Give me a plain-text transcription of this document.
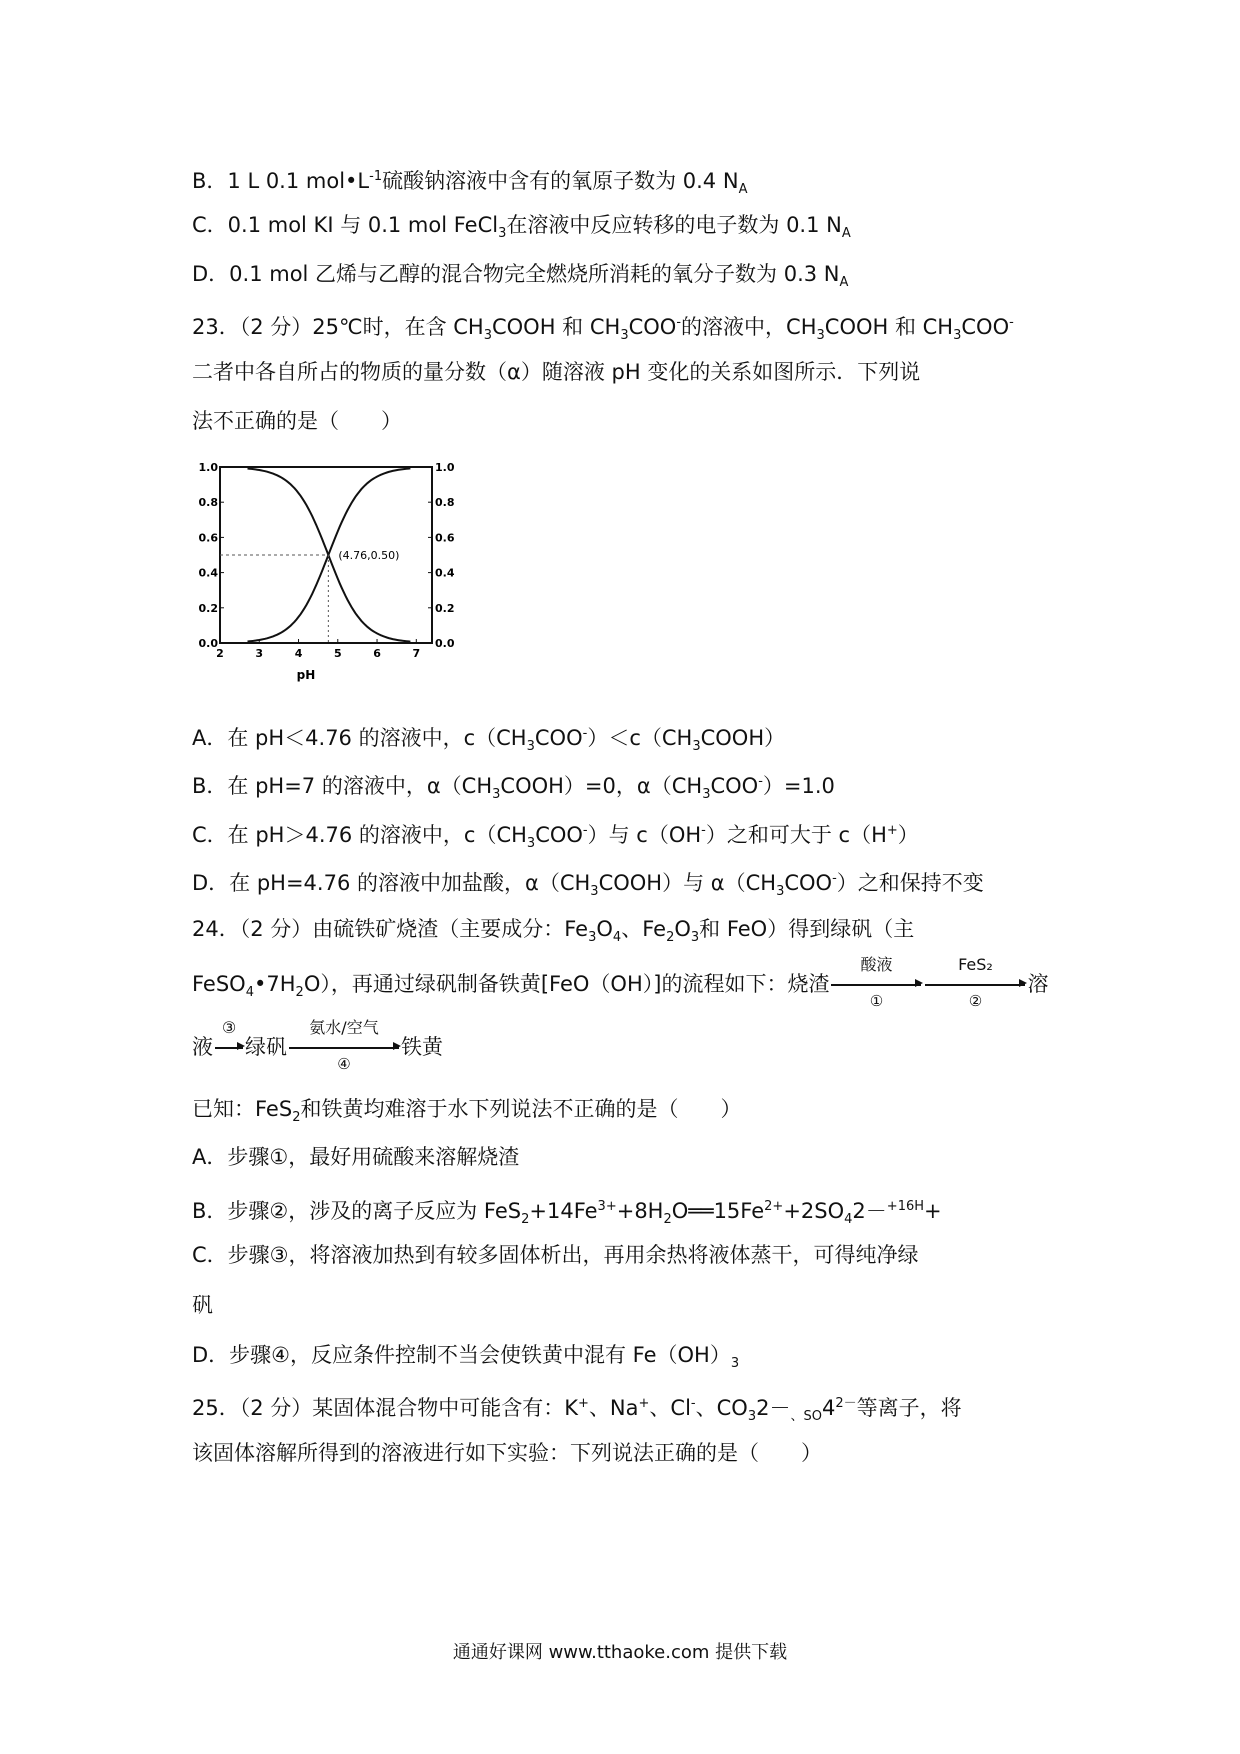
B．1 L 0.1 $mol•L^{-1}$硫酸钠溶液中含有的氧原子数为 0.4 $N_A$
C．0.1 mol KI 与 0.1 mol FeCl$_3$在溶液中反应转移的电子数为 0.1 $N_A$
D．0.1 mol 乙烯与乙醇的混合物完全燃烧所消耗的氧分子数为 0.3 $N_A$
23．（2 分）25℃时，在含 $CH_3COOH$ 和 $CH_3COO^-$的溶液中，$CH_3COOH$ 和 $CH_3COO^-$
二者中各自所占的物质的量分数（α）随溶液 pH 变化的关系如图所示．下列说
法不正确的是（　　）
2	3	4	5	6	7
0.0	0.0
0.2	0.2
0.4	0.4
0.6	0.6
0.8	0.8
1.0	1.0
(4.76,0.50)
pH
A．在 pH＜4.76 的溶液中，$c(CH_3COO^-)<c(CH_3COOH)$
B．在 pH=7 的溶液中，$\alpha(CH_3COOH)=0$，$\alpha(CH_3COO^-)=1.0$
C．在 pH＞4.76 的溶液中，$c(CH_3COO^-)$与 c（OH-）之和可大于 c（H+）
D．在 pH=4.76 的溶液中加盐酸，$\alpha(CH_3COOH)$与 $\alpha(CH_3COO^-)$之和保持不变
24．（2 分）由硫铁矿烧渣（主要成分：$Fe_3O_4$、$Fe_2O_3$和 FeO）得到绿矾（主
$FeSO_4•7H_2O$），再通过绿矾制备铁黄[FeO（OH）]的流程如下：烧渣
酸液
①
FeS₂
②
溶
液
③
绿矾
氨水/空气
④
铁黄
已知：FeS$_2$和铁黄均难溶于水下列说法不正确的是（　　）
A．步骤①，最好用硫酸来溶解烧渣
B．步骤②，涉及的离子反应为 $FeS_2+14Fe^{3+}+8H_2O══15Fe^{2+}+2SO_42-^{+16H}+$
C．步骤③，将溶液加热到有较多固体析出，再用余热将液体蒸干，可得纯净绿
矾
D．步骤④，反应条件控制不当会使铁黄中混有 $Fe(OH)_3$
25．（2 分）某固体混合物中可能含有：K+、Na+、Cl-、$CO_32-_{、SO}4^{2-}$等离子，将
该固体溶解所得到的溶液进行如下实验：下列说法正确的是（　　）
通通好课网 www.tthaoke.com 提供下载
